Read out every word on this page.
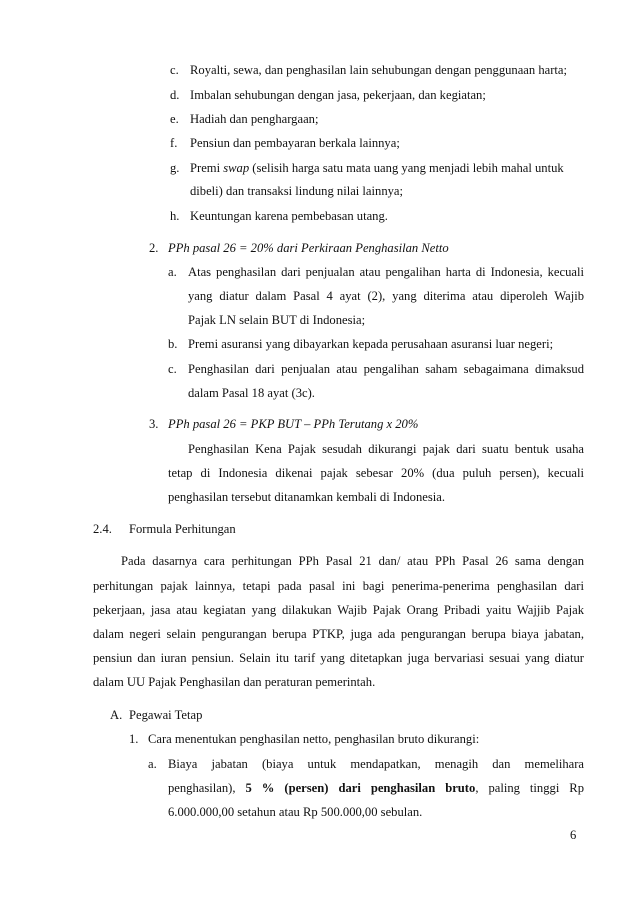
c. Royalti, sewa, dan penghasilan lain sehubungan dengan penggunaan harta;
d. Imbalan sehubungan dengan jasa, pekerjaan, dan kegiatan;
e. Hadiah dan penghargaan;
f. Pensiun dan pembayaran berkala lainnya;
g. Premi swap (selisih harga satu mata uang yang menjadi lebih mahal untuk
dibeli) dan transaksi lindung nilai lainnya;
h. Keuntungan karena pembebasan utang.
2. PPh pasal 26 = 20% dari Perkiraan Penghasilan Netto
a. Atas penghasilan dari penjualan atau pengalihan harta di Indonesia, kecuali
yang diatur dalam Pasal 4 ayat (2), yang diterima atau diperoleh Wajib
Pajak LN selain BUT di Indonesia;
b. Premi asuransi yang dibayarkan kepada perusahaan asuransi luar negeri;
c. Penghasilan dari penjualan atau pengalihan saham sebagaimana dimaksud
dalam Pasal 18 ayat (3c).
3. PPh pasal 26 = PKP BUT – PPh Terutang x 20%
Penghasilan Kena Pajak sesudah dikurangi pajak dari suatu bentuk usaha
tetap di Indonesia dikenai pajak sebesar 20% (dua puluh persen), kecuali
penghasilan tersebut ditanamkan kembali di Indonesia.
2.4. Formula Perhitungan
Pada dasarnya cara perhitungan PPh Pasal 21 dan/ atau PPh Pasal 26 sama dengan
perhitungan pajak lainnya, tetapi pada pasal ini bagi penerima-penerima penghasilan dari
pekerjaan, jasa atau kegiatan yang dilakukan Wajib Pajak Orang Pribadi yaitu Wajjib Pajak
dalam negeri selain pengurangan berupa PTKP, juga ada pengurangan berupa biaya jabatan,
pensiun dan iuran pensiun. Selain itu tarif yang ditetapkan juga bervariasi sesuai yang diatur
dalam UU Pajak Penghasilan dan peraturan pemerintah.
A. Pegawai Tetap
1. Cara menentukan penghasilan netto, penghasilan bruto dikurangi:
a. Biaya jabatan (biaya untuk mendapatkan, menagih dan memelihara
penghasilan), 5 % (persen) dari penghasilan bruto, paling tinggi Rp
6.000.000,00 setahun atau Rp 500.000,00 sebulan.
6
